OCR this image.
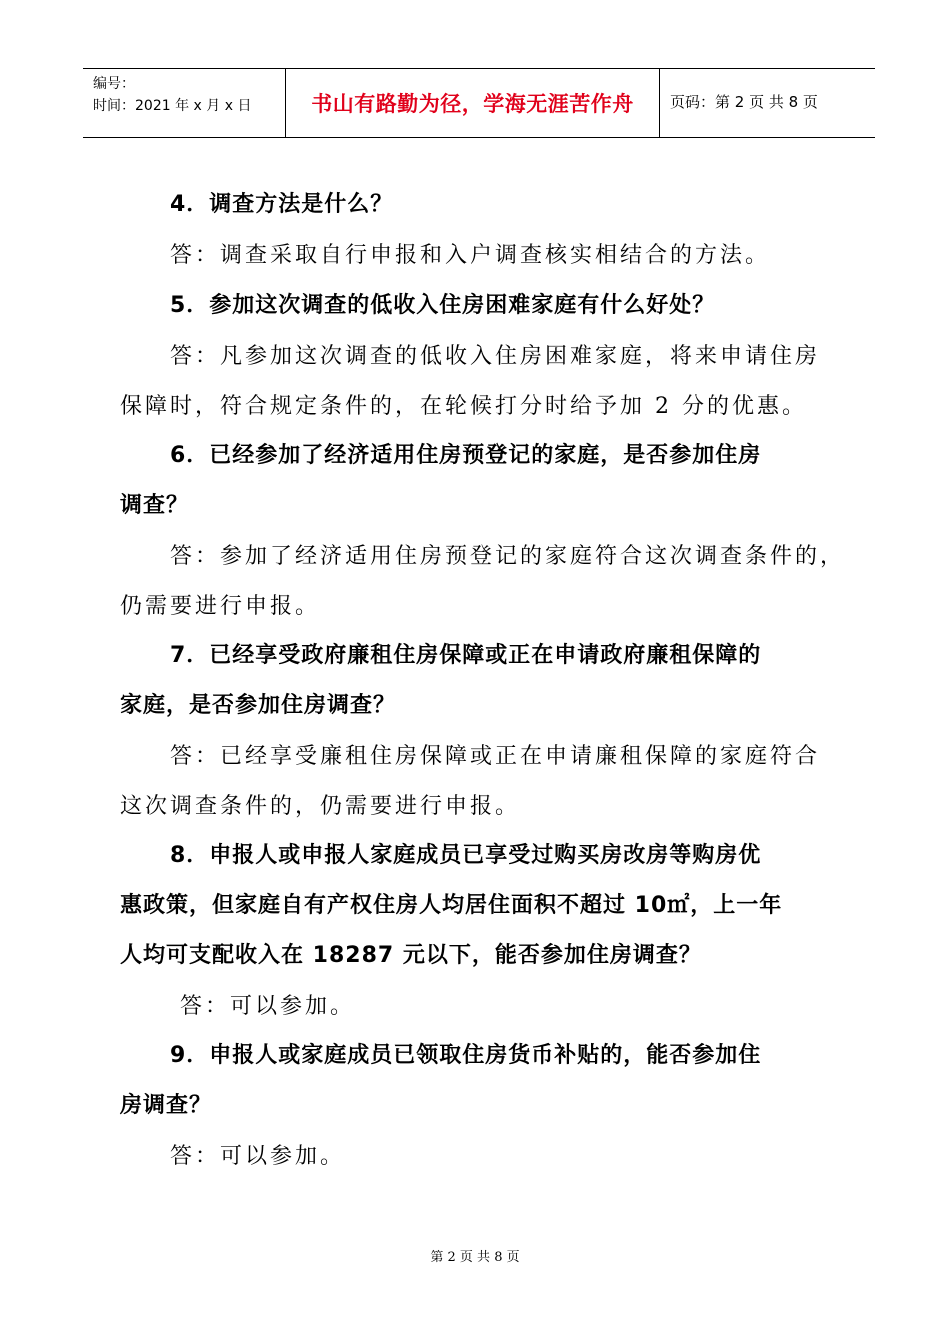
编号：
时间：2021 年 x 月 x 日	书山有路勤为径，学海无涯苦作舟	页码：第 2 页 共 8 页
4．调查方法是什么？
答：调查采取自行申报和入户调查核实相结合的方法。
5．参加这次调查的低收入住房困难家庭有什么好处？
答：凡参加这次调查的低收入住房困难家庭，将来申请住房
保障时，符合规定条件的，在轮候打分时给予加 2 分的优惠。
6．已经参加了经济适用住房预登记的家庭，是否参加住房
调查？
答：参加了经济适用住房预登记的家庭符合这次调查条件的，
仍需要进行申报。
7．已经享受政府廉租住房保障或正在申请政府廉租保障的
家庭，是否参加住房调查？
答：已经享受廉租住房保障或正在申请廉租保障的家庭符合
这次调查条件的，仍需要进行申报。
8．申报人或申报人家庭成员已享受过购买房改房等购房优
惠政策，但家庭自有产权住房人均居住面积不超过 10㎡，上一年
人均可支配收入在 18287 元以下，能否参加住房调查？
答：可以参加。
9．申报人或家庭成员已领取住房货币补贴的，能否参加住
房调查？
答：可以参加。
第 2 页 共 8 页
